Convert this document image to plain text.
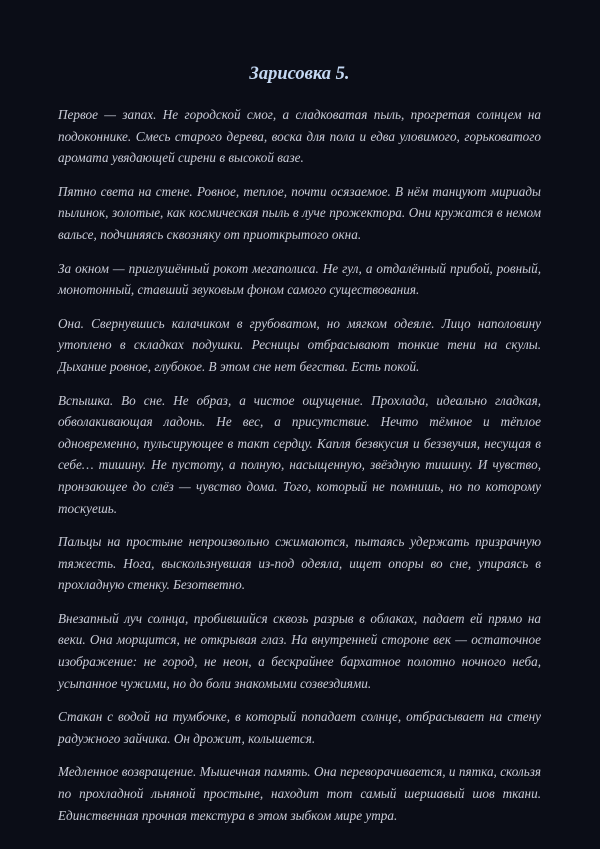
Зарисовка 5.

Первое — запах. Не городской смог, а сладковатая пыль, прогретая солнцем на подоконнике. Смесь старого дерева, воска для пола и едва уловимого, горьковатого аромата увядающей сирени в высокой вазе.

Пятно света на стене. Ровное, теплое, почти осязаемое. В нём танцуют мириады пылинок, золотые, как космическая пыль в луче прожектора. Они кружатся в немом вальсе, подчиняясь сквозняку от приоткрытого окна.

За окном — приглушённый рокот мегаполиса. Не гул, а отдалённый прибой, ровный, монотонный, ставший звуковым фоном самого существования.

Она. Свернувшись калачиком в грубоватом, но мягком одеяле. Лицо наполовину утоплено в складках подушки. Ресницы отбрасывают тонкие тени на скулы. Дыхание ровное, глубокое. В этом сне нет бегства. Есть покой.

Вспышка. Во сне. Не образ, а чистое ощущение. Прохлада, идеально гладкая, обволакивающая ладонь. Не вес, а присутствие. Нечто тёмное и тёплое одновременно, пульсирующее в такт сердцу. Капля безвкусия и беззвучия, несущая в себе… тишину. Не пустоту, а полную, насыщенную, звёздную тишину. И чувство, пронзающее до слёз — чувство дома. Того, который не помнишь, но по которому тоскуешь.

Пальцы на простыне непроизвольно сжимаются, пытаясь удержать призрачную тяжесть. Нога, выскользнувшая из-под одеяла, ищет опоры во сне, упираясь в прохладную стенку. Безответно.

Внезапный луч солнца, пробившийся сквозь разрыв в облаках, падает ей прямо на веки. Она морщится, не открывая глаз. На внутренней стороне век — остаточное изображение: не город, не неон, а бескрайнее бархатное полотно ночного неба, усыпанное чужими, но до боли знакомыми созвездиями.

Стакан с водой на тумбочке, в который попадает солнце, отбрасывает на стену радужного зайчика. Он дрожит, колышется.

Медленное возвращение. Мышечная память. Она переворачивается, и пятка, скользя по прохладной льняной простыне, находит тот самый шершавый шов ткани. Единственная прочная текстура в этом зыбком мире утра.
